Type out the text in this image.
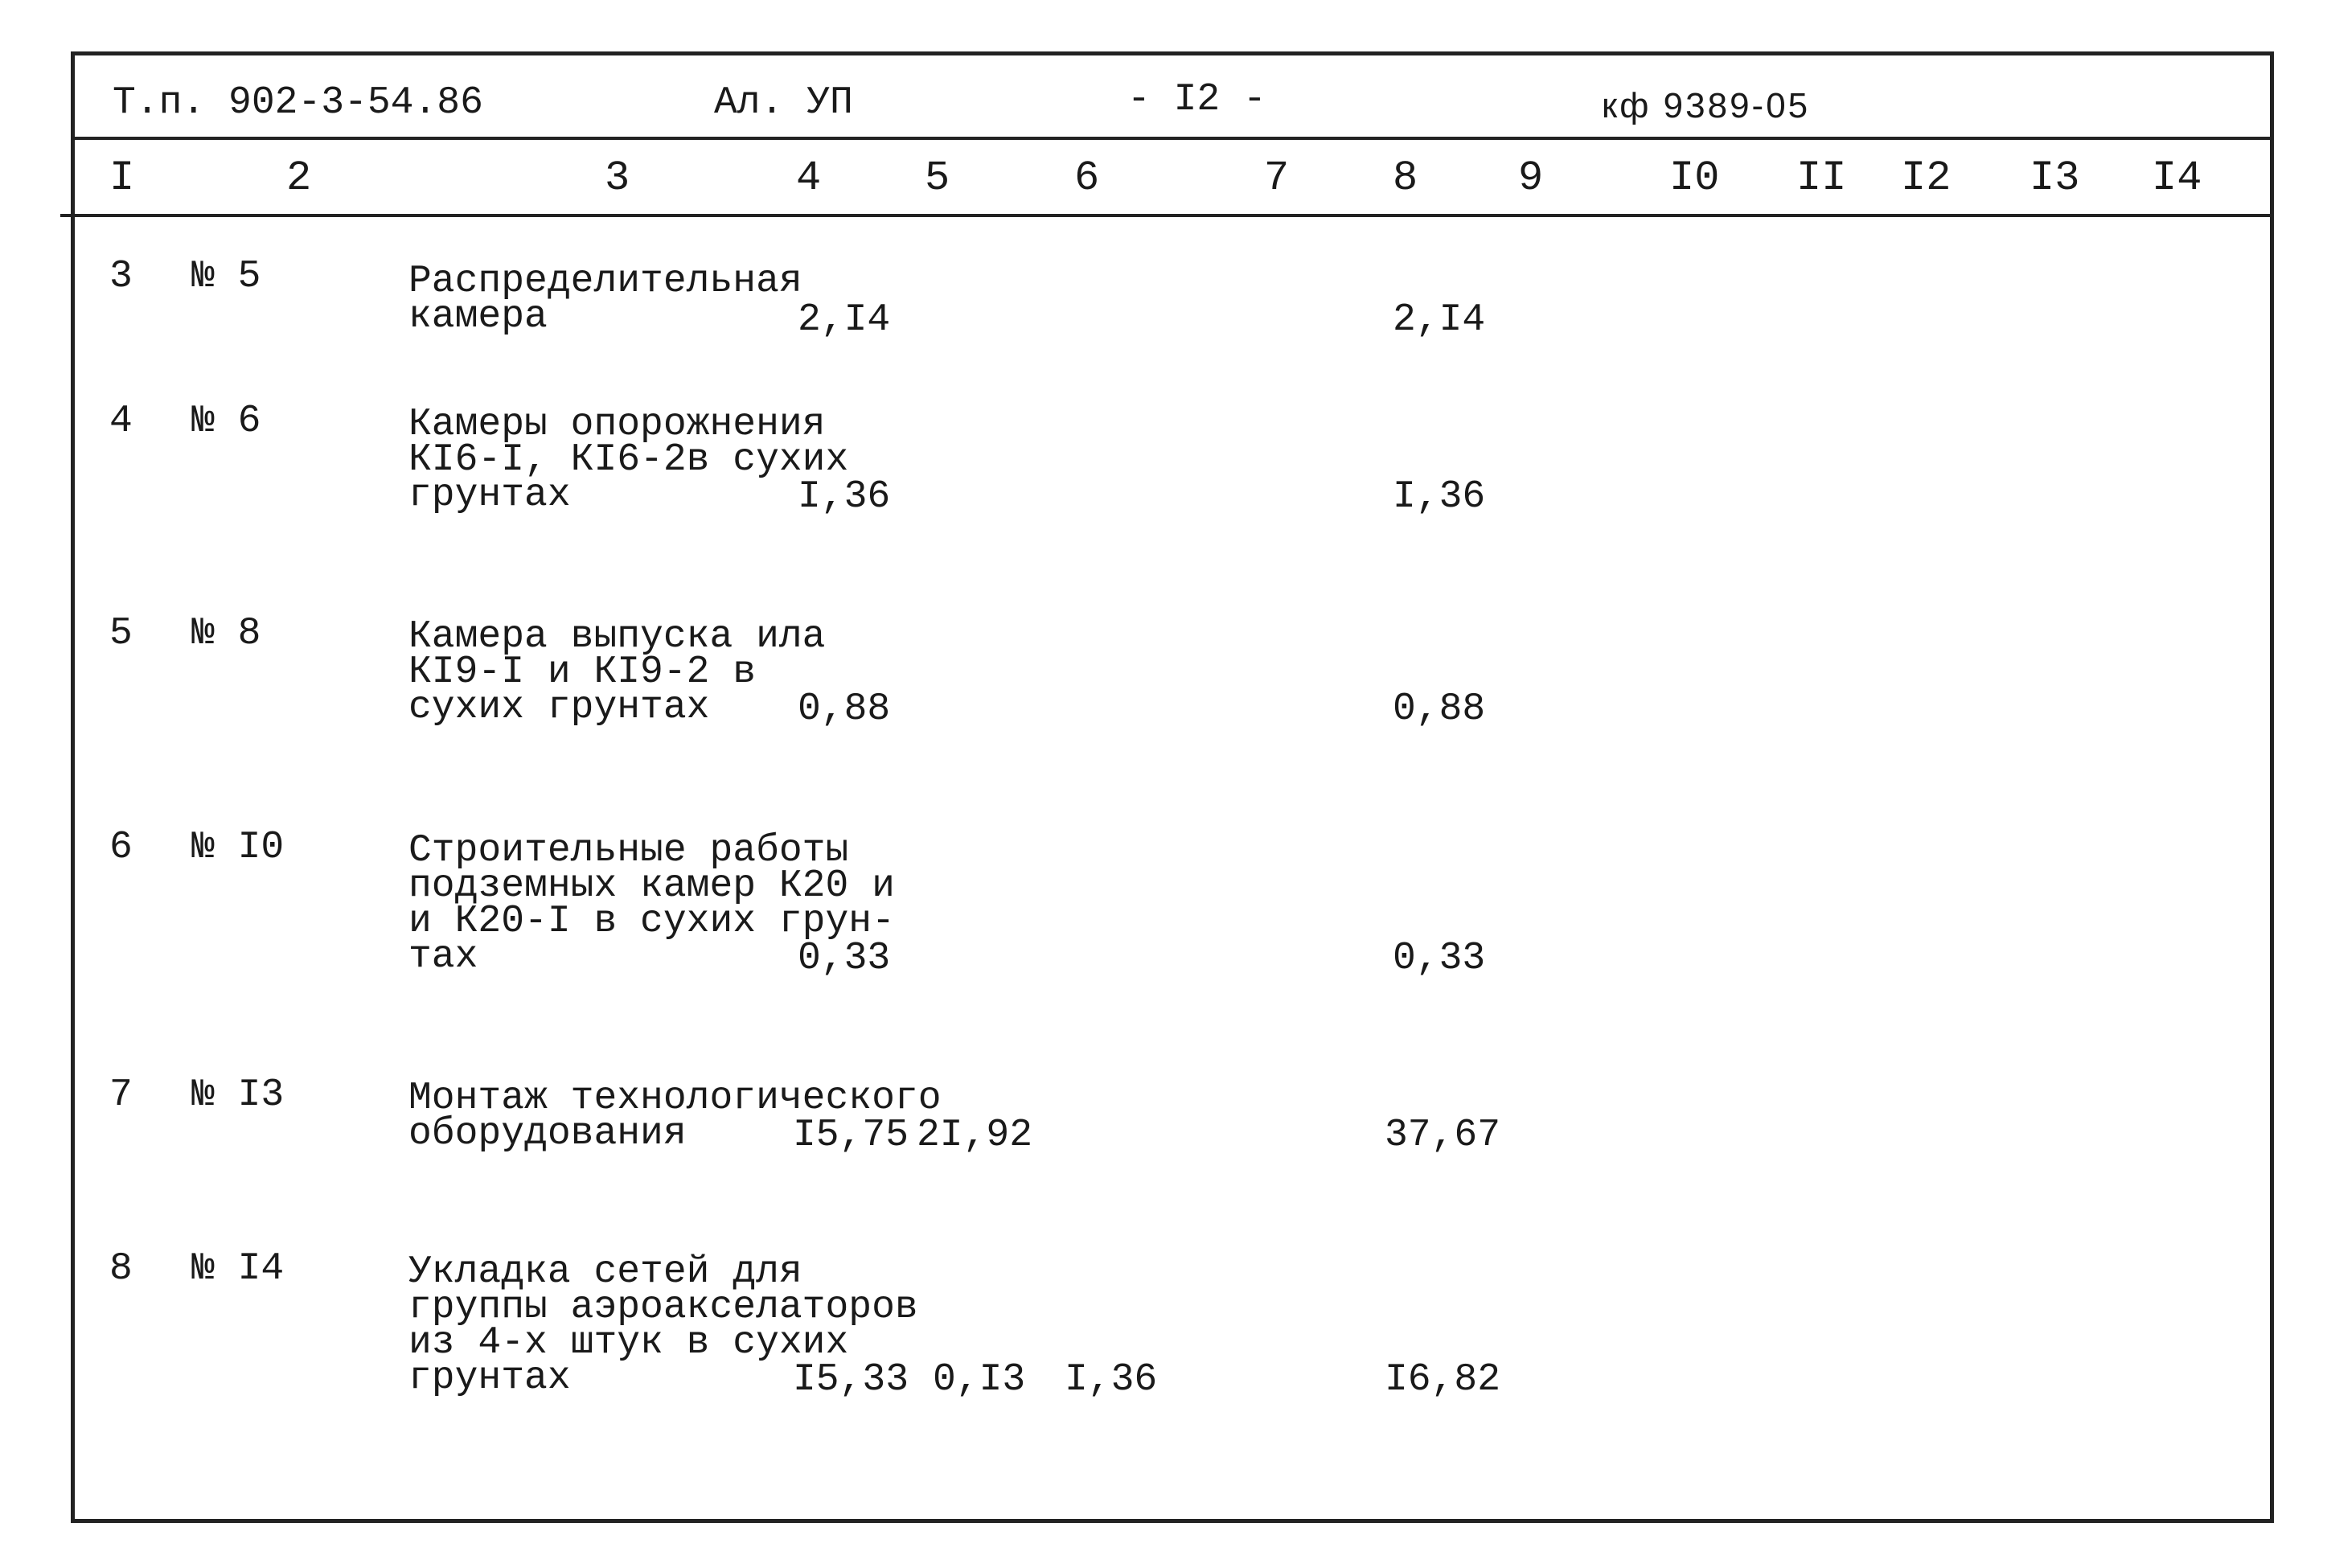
Т.п. 902-3-54.86	Ал. УП	- I2 -	кф 9389-05
I	2	3	4 5	6	7 8 9	I0 II I2 I3 I4
3 № 5	Распределительная
камера	2,I4	2,I4
4 № 6	Камеры опорожнения
КI6-I, КI6-2в сухих
грунтах	I,36	I,36
5 № 8	Камера выпуска ила
КI9-I и КI9-2 в
сухих грунтах 0,88	0,88
6 № I0	Строительные работы
подземных камер К20 и
и К20-I в сухих грун-
тах	0,33	0,33
7 № I3	Монтаж технологического
оборудования	I5,75 2I,92	37,67
8 № I4	Укладка сетей для
группы аэроакселаторов
из 4-х штук в сухих
грунтах	I5,33 0,I3 I,36	I6,82
